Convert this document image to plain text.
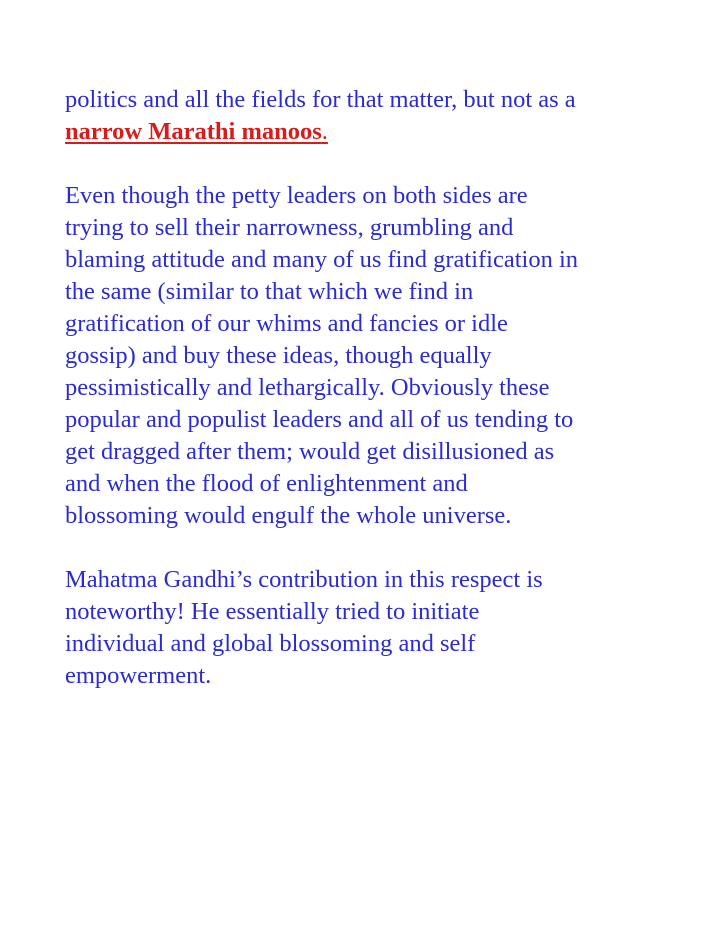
politics and all the fields for that matter, but not as a
narrow Marathi manoos.
Even though the petty leaders on both sides are
trying to sell their narrowness, grumbling and
blaming attitude and many of us find gratification in
the same (similar to that which we find in
gratification of our whims and fancies or idle
gossip) and buy these ideas, though equally
pessimistically and lethargically. Obviously these
popular and populist leaders and all of us tending to
get dragged after them; would get disillusioned as
and when the flood of enlightenment and
blossoming would engulf the whole universe.
Mahatma Gandhi’s contribution in this respect is
noteworthy! He essentially tried to initiate
individual and global blossoming and self
empowerment.
